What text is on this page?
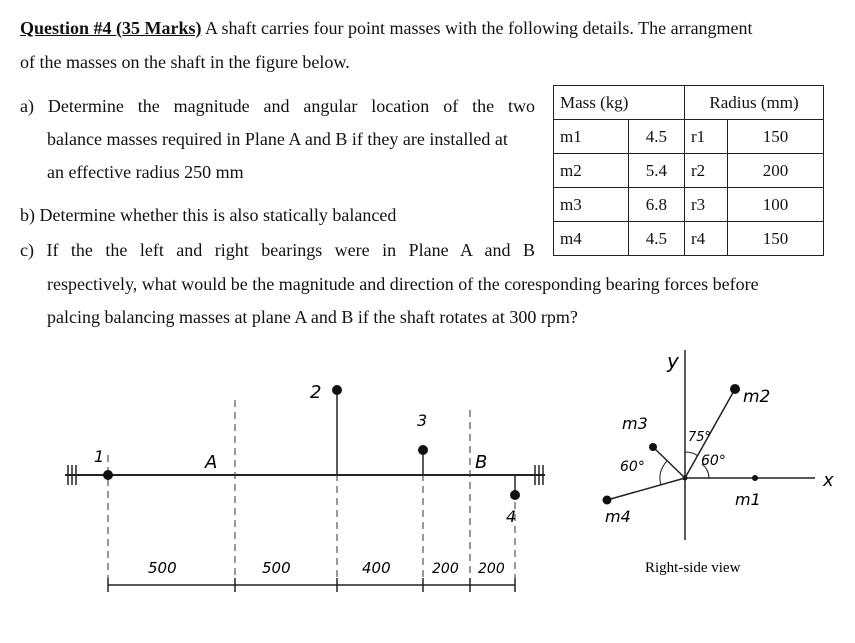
Question #4 (35 Marks) A shaft carries four point masses with the following details. The arrangment
of the masses on the shaft in the figure below.
a) Determine the magnitude and angular location of the two
balance masses required in Plane A and B if they are installed at
an effective radius 250 mm
b) Determine whether this is also statically balanced
c) If the the left and right bearings were in Plane A and B
respectively, what would be the magnitude and direction of the coresponding bearing forces before
palcing balancing masses at plane A and B if the shaft rotates at 300 rpm?
Mass (kg)		Radius (mm)	
m1	4.5	r1	150
m2	5.4	r2	200
m3	6.8	r3	100
m4	4.5	r4	150
1
2
3
4
A	B
500	500	400	200 200
y
x
m2
m3
m1
m4
75°
60°	60°
Right-side view
